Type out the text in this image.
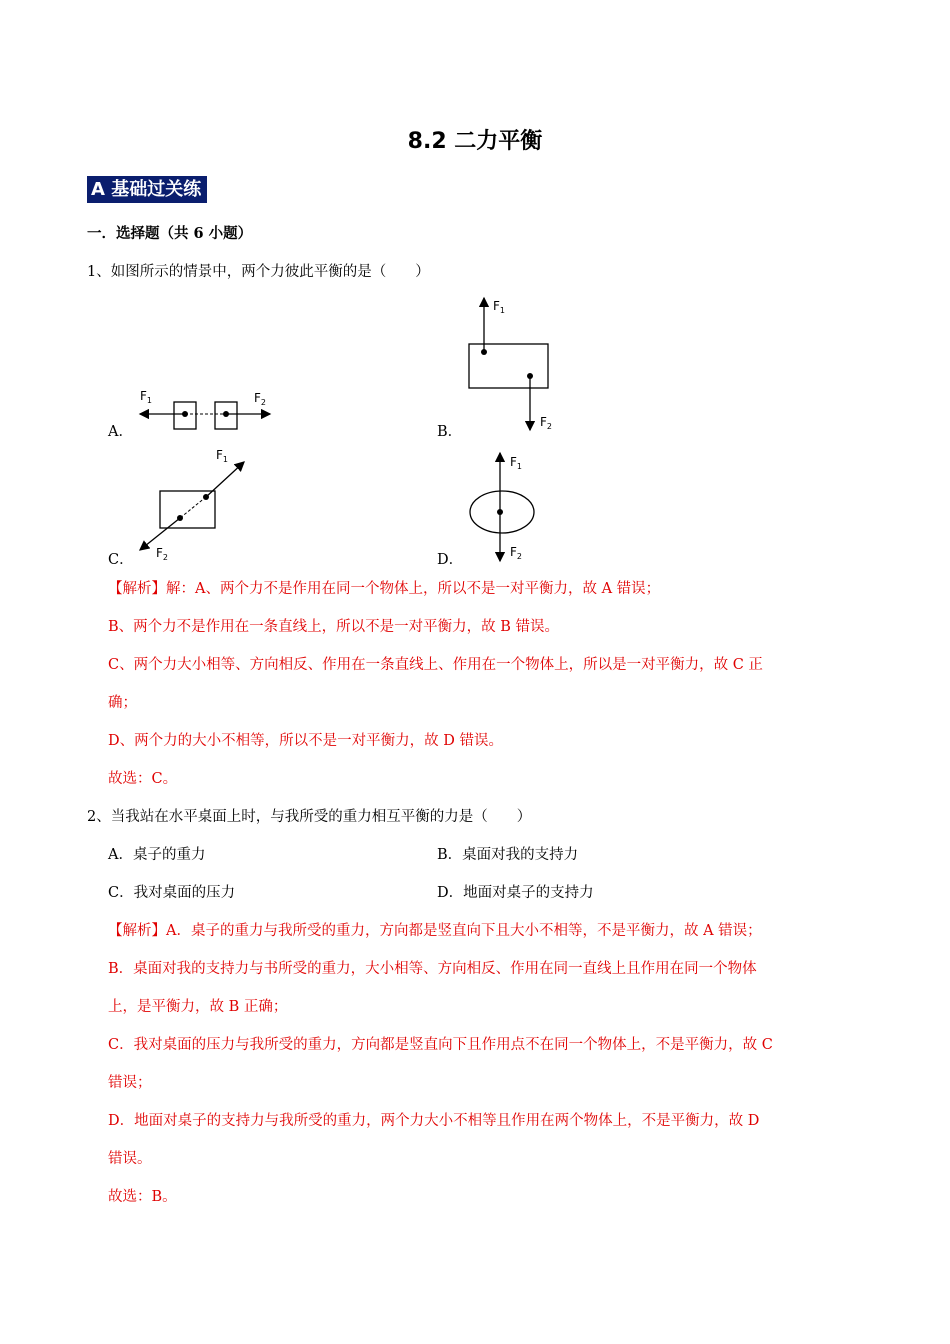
8.2 二力平衡
A 基础过关练
一．选择题（共 6 小题）
1、如图所示的情景中，两个力彼此平衡的是（　　）
A．
$F_1$	$F_2$
B．
$F_1$
$F_2$
C．
$F_1$
$F_2$	D．
$F_1$
$F_2$
【解析】解：A、两个力不是作用在同一个物体上，所以不是一对平衡力，故 A 错误；
B、两个力不是作用在一条直线上，所以不是一对平衡力，故 B 错误。
C、两个力大小相等、方向相反、作用在一条直线上、作用在一个物体上，所以是一对平衡力，故 C 正
确；
D、两个力的大小不相等，所以不是一对平衡力，故 D 错误。
故选：C。
2、当我站在水平桌面上时，与我所受的重力相互平衡的力是（　　）
A．桌子的重力	B．桌面对我的支持力
C．我对桌面的压力	D．地面对桌子的支持力
【解析】A．桌子的重力与我所受的重力，方向都是竖直向下且大小不相等，不是平衡力，故 A 错误；
B．桌面对我的支持力与书所受的重力，大小相等、方向相反、作用在同一直线上且作用在同一个物体
上，是平衡力，故 B 正确；
C．我对桌面的压力与我所受的重力，方向都是竖直向下且作用点不在同一个物体上，不是平衡力，故 C
错误；
D．地面对桌子的支持力与我所受的重力，两个力大小不相等且作用在两个物体上，不是平衡力，故 D
错误。
故选：B。
